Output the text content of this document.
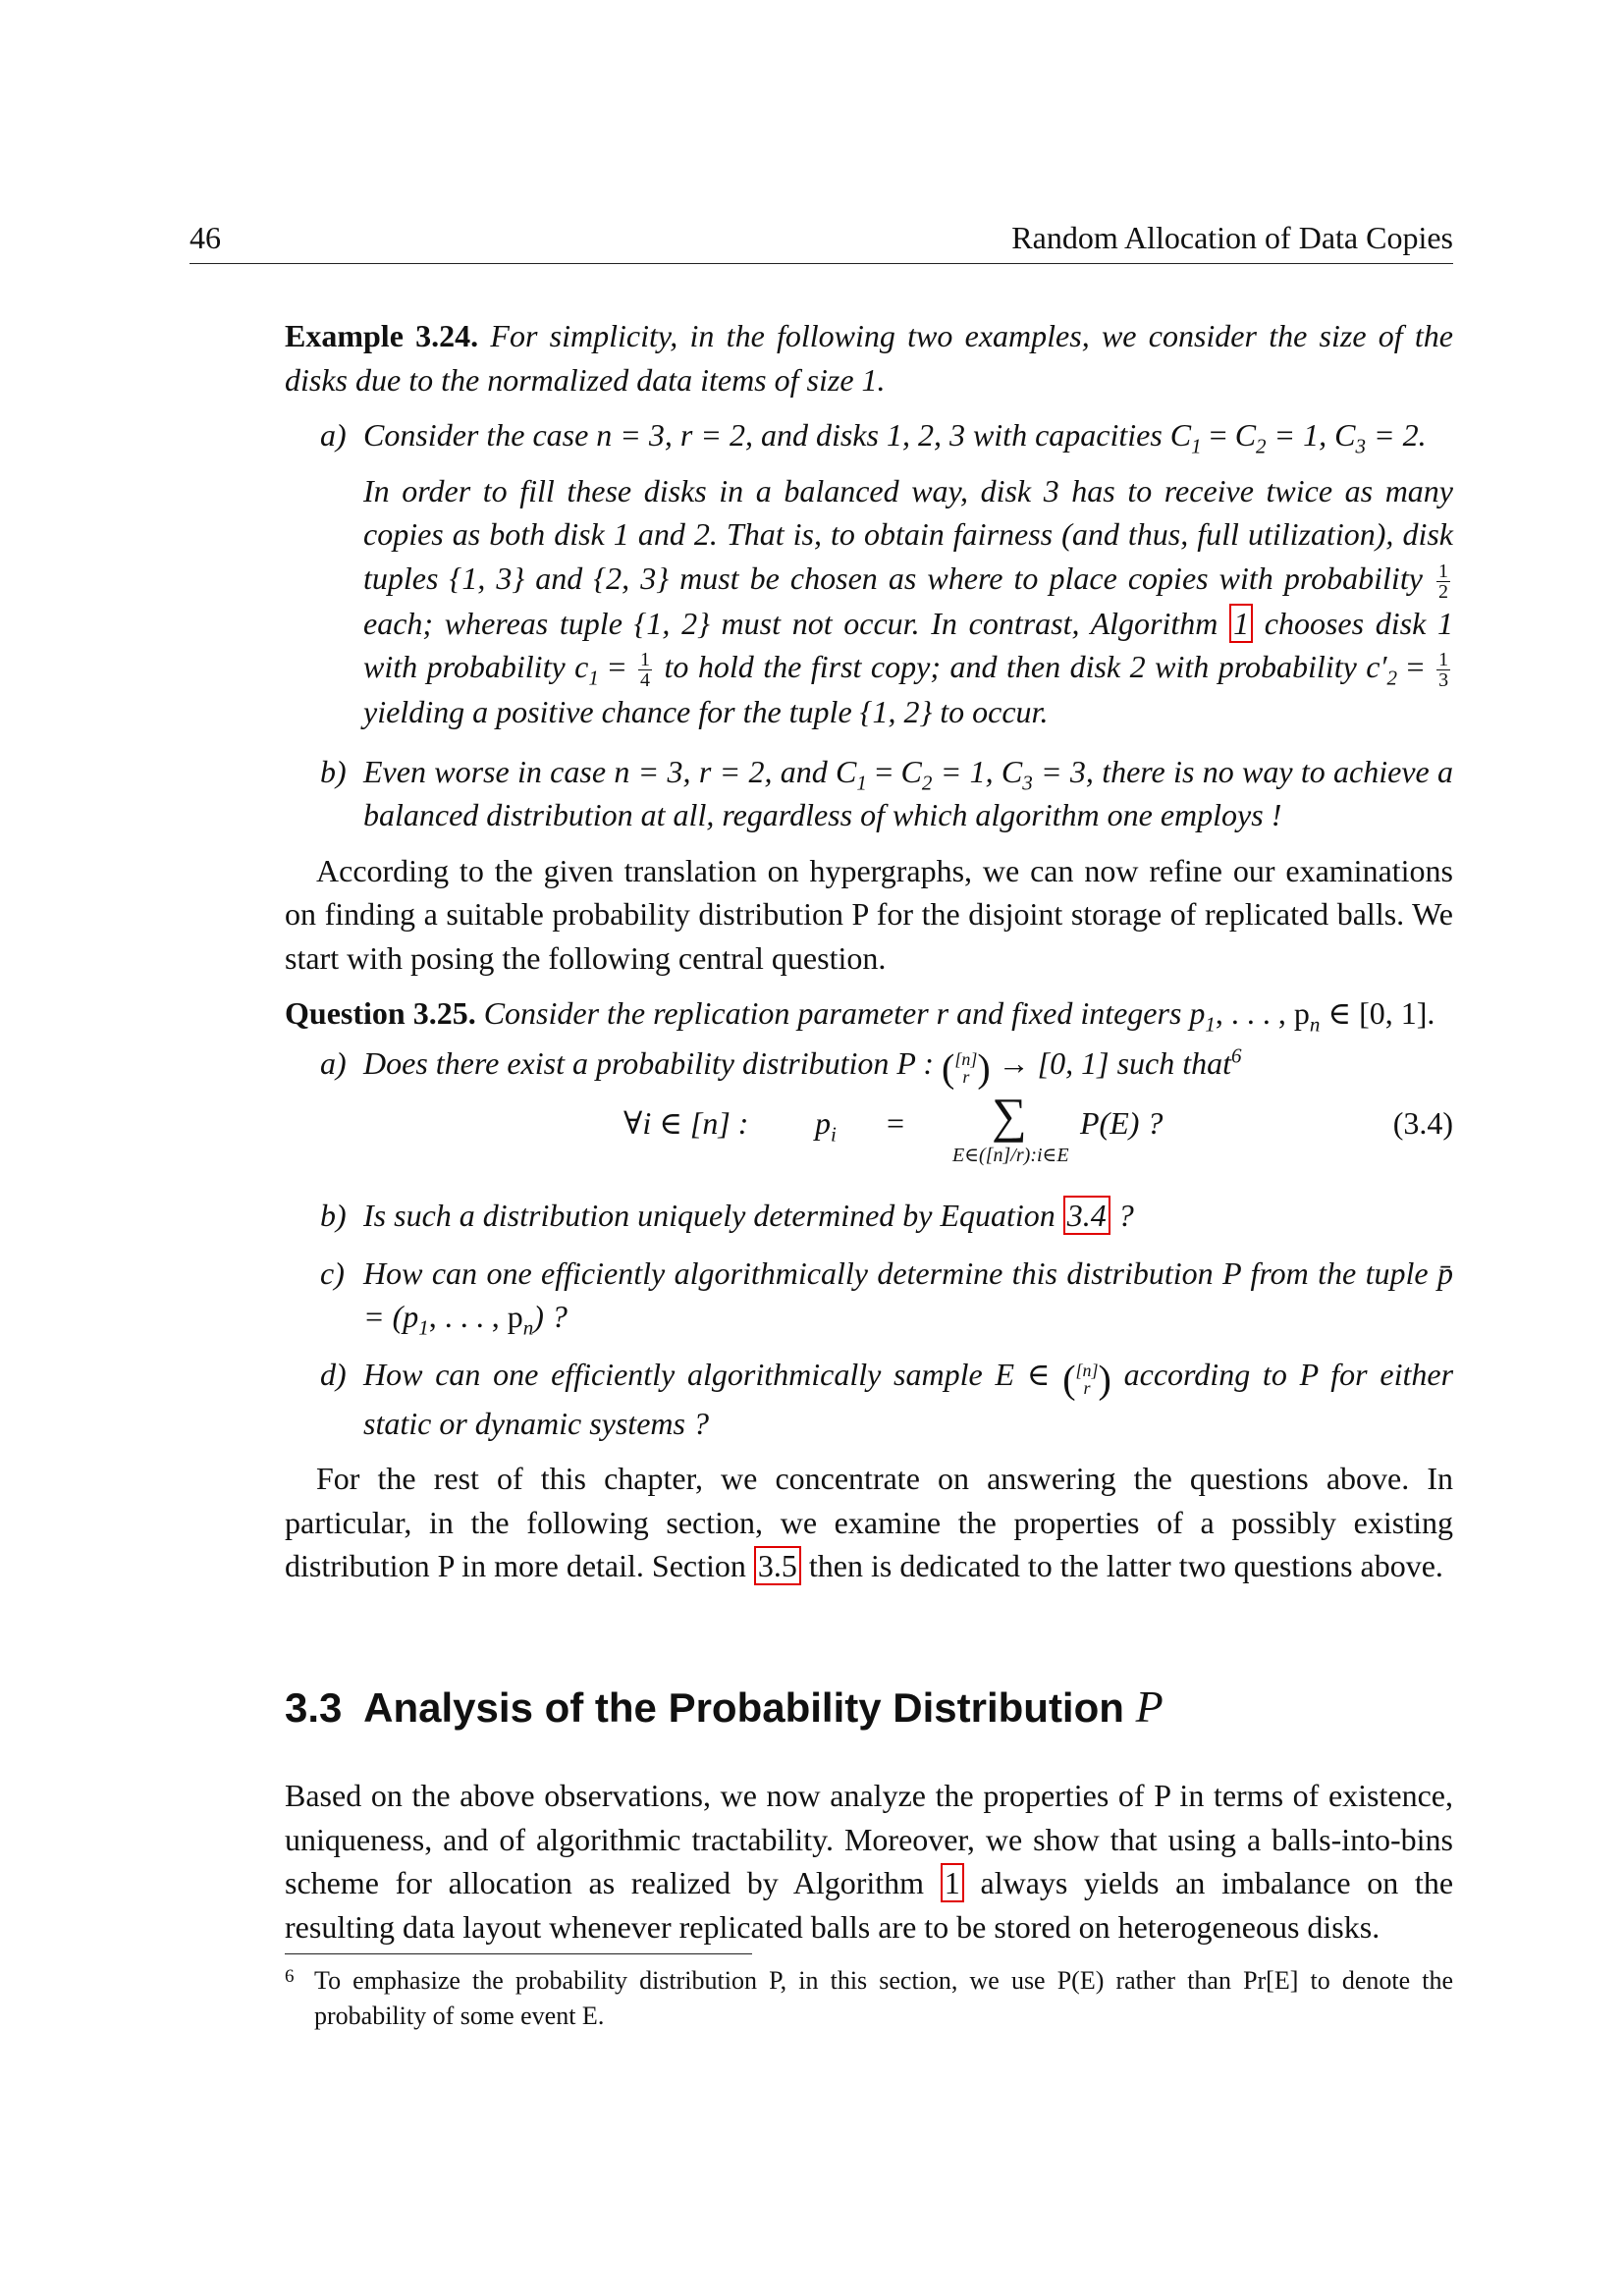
46	Random Allocation of Data Copies

Example 3.24. For simplicity, in the following two examples, we consider the size of the disks due to the normalized data items of size 1.

a) Consider the case n = 3, r = 2, and disks 1, 2, 3 with capacities $C_1 = C_2 = 1$, $C_3 = 2$.

In order to fill these disks in a balanced way, disk 3 has to receive twice as many copies as both disk 1 and 2. That is, to obtain fairness (and thus, full utilization), disk tuples {1, 3} and {2, 3} must be chosen as where to place copies with probability $\frac{1}{2}$
each; whereas tuple {1, 2} must not occur. In contrast, Algorithm 1 chooses disk 1 with probability $c_1 = \frac{1}{4}$ to hold the first copy; and then disk 2 with probability $c'_2 = \frac{1}{3}$
yielding a positive chance for the tuple {1, 2} to occur.

b) Even worse in case n = 3, r = 2, and $C_1 = C_2 = 1$, $C_3 = 3$, there is no way to achieve a balanced distribution at all, regardless of which algorithm one employs !

According to the given translation on hypergraphs, we can now refine our examinations on finding a suitable probability distribution P for the disjoint storage of replicated balls. We start with posing the following central question.

Question 3.25. Consider the replication parameter r and fixed integers $p_1$, . . . , $p_n$ ∈ [0, 1].

a) Does there exist a probability distribution P : ( [n]
r ) → [0, 1] such that$^6$

∀i ∈ [n] : $p_i$ = ∑
E∈([n]/r):i∈E
P(E) ?	(3.4)
b) Is such a distribution uniquely determined by Equation 3.4 ?

c) How can one efficiently algorithmically determine this distribution P from the tuple p̄ = ($p_1$, . . . , $p_n$) ?

d) How can one efficiently algorithmically sample E ∈ ( [n]
r ) according to P for either static or dynamic systems ?

For the rest of this chapter, we concentrate on answering the questions above. In particular, in the following section, we examine the properties of a possibly existing distribution P in more detail. Section 3.5 then is dedicated to the latter two questions above.

3.3 Analysis of the Probability Distribution P

Based on the above observations, we now analyze the properties of P in terms of existence, uniqueness, and of algorithmic tractability. Moreover, we show that using a balls-into-bins scheme for allocation as realized by Algorithm 1 always yields an imbalance on the resulting data layout whenever replicated balls are to be stored on heterogeneous disks.

6 To emphasize the probability distribution P, in this section, we use P(E) rather than Pr[E] to denote the probability of some event E.
